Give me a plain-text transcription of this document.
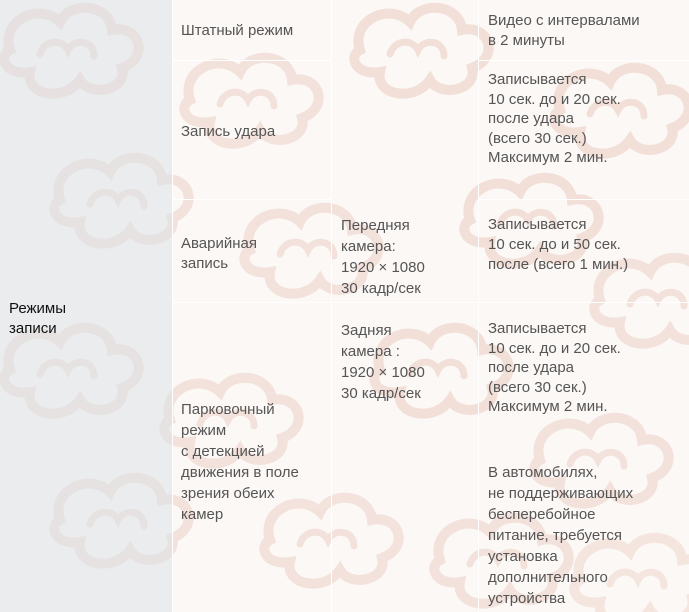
Режимы
записи
Штатный режим
Запись удара
Аварийная
запись
Парковочный
режим
с детекцией
движения в поле
зрения обеих
камер
Передняя
камера:
1920 × 1080
30 кадр/сек
Задняя
камера :
1920 × 1080
30 кадр/сек
Видео с интервалами
в 2 минуты
Записывается
10 сек. до и 20 сек.
после удара
(всего 30 сек.)
Максимум 2 мин.
Записывается
10 сек. до и 50 сек.
после (всего 1 мин.)
Записывается
10 сек. до и 20 сек.
после удара
(всего 30 сек.)
Максимум 2 мин.
В автомобилях,
не поддерживающих
бесперебойное
питание, требуется
установка
дополнительного
устройства
